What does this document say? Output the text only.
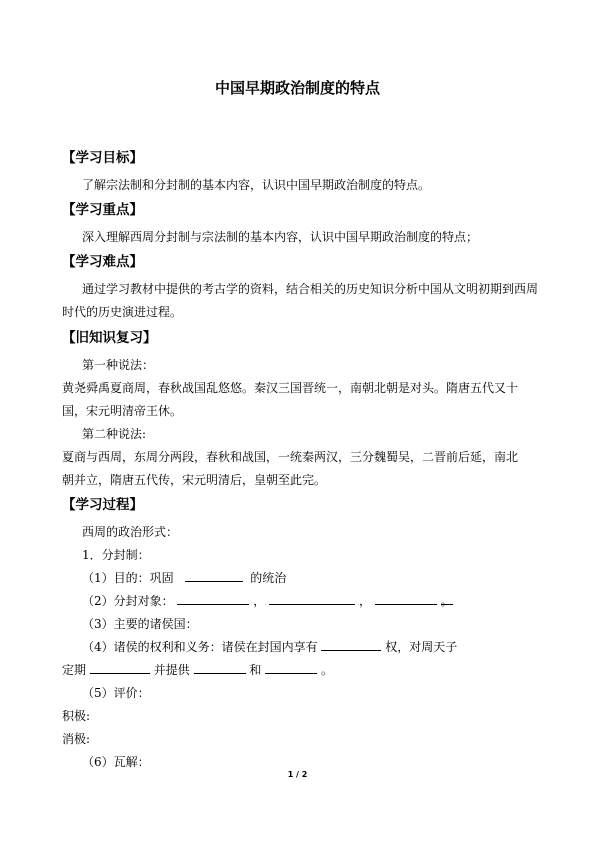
中国早期政治制度的特点
【学习目标】
了解宗法制和分封制的基本内容，认识中国早期政治制度的特点。
【学习重点】
深入理解西周分封制与宗法制的基本内容，认识中国早期政治制度的特点；
【学习难点】
通过学习教材中提供的考古学的资料，结合相关的历史知识分析中国从文明初期到西周
时代的历史演进过程。
【旧知识复习】
第一种说法：
黄尧舜禹夏商周，春秋战国乱悠悠。秦汉三国晋统一，南朝北朝是对头。隋唐五代又十
国，宋元明清帝王休。
第二种说法:
夏商与西周，东周分两段，春秋和战国，一统秦两汉，三分魏蜀吴，二晋前后延，南北
朝并立，隋唐五代传，宋元明清后，皇朝至此完。
【学习过程】
西周的政治形式：
1．分封制：
（1）目的：巩固	的统治
（2）分封对象：	，	，	。
（3）主要的诸侯国：
（4）诸侯的权利和义务：诸侯在封国内享有	权，对周天子
定期	并提供	和	。
（5）评价：
积极:
消极:
（6）瓦解：
1 / 2
